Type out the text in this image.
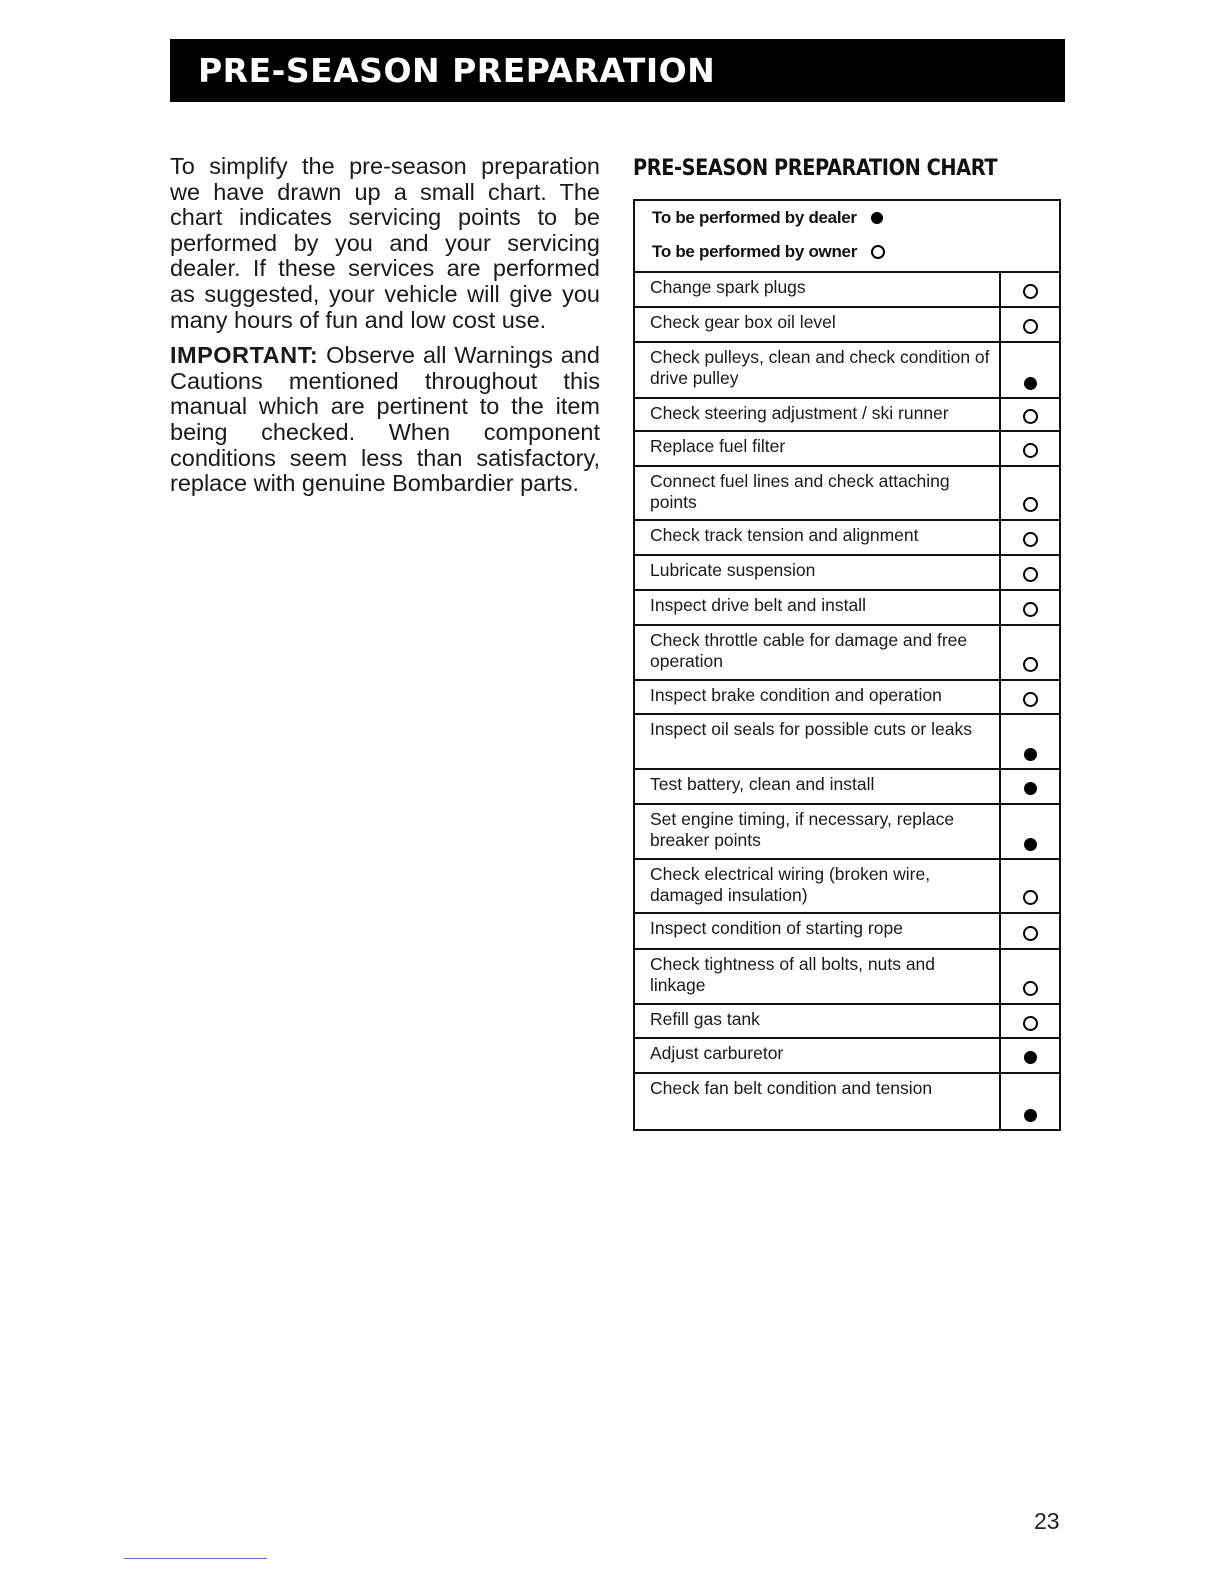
PRE-SEASON PREPARATION

To simplify the pre-season preparation we have drawn up a small chart. The chart indicates servicing points to be performed by you and your servicing dealer. If these services are performed as suggested, your vehicle will give you many hours of fun and low cost use.

IMPORTANT: Observe all Warnings and Cautions mentioned throughout this manual which are pertinent to the item being checked. When component conditions seem less than satisfactory, replace with genuine Bombardier parts.

PRE-SEASON PREPARATION CHART
To be performed by dealer
To be performed by owner
Change spark plugs
Check gear box oil level
Check pulleys, clean and check condition of drive pulley
Check steering adjustment / ski runner
Replace fuel filter
Connect fuel lines and check attaching points
Check track tension and alignment
Lubricate suspension
Inspect drive belt and install
Check throttle cable for damage and free operation
Inspect brake condition and operation
Inspect oil seals for possible cuts or leaks
Test battery, clean and install
Set engine timing, if necessary, replace breaker points
Check electrical wiring (broken wire, damaged insulation)
Inspect condition of starting rope
Check tightness of all bolts, nuts and linkage
Refill gas tank
Adjust carburetor
Check fan belt condition and tension
23
